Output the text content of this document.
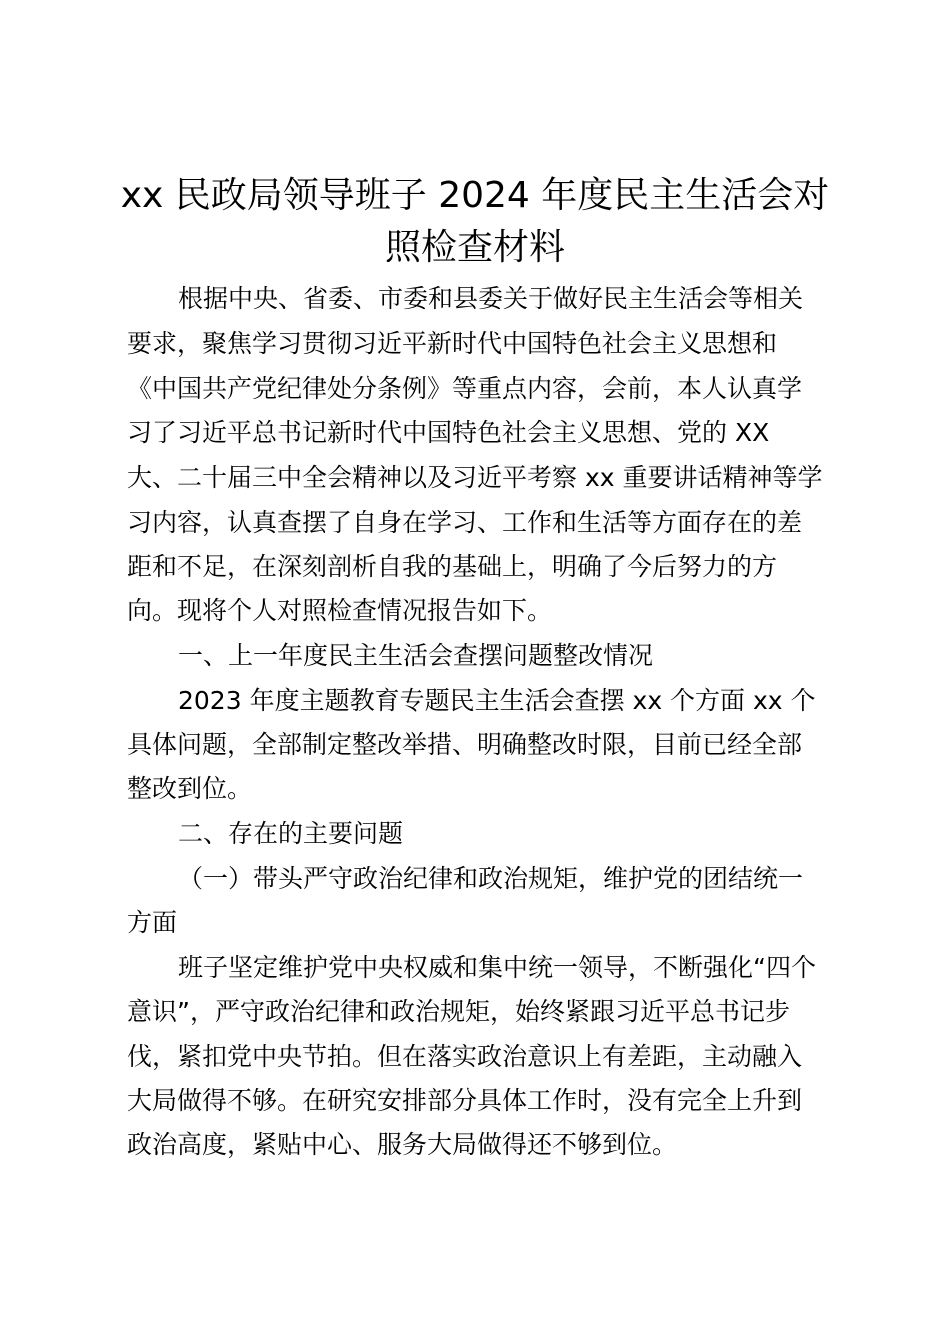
xx 民政局领导班子 2024 年度民主生活会对
照检查材料
根据中央、省委、市委和县委关于做好民主生活会等相关
要求，聚焦学习贯彻习近平新时代中国特色社会主义思想和
《中国共产党纪律处分条例》等重点内容，会前，本人认真学
习了习近平总书记新时代中国特色社会主义思想、党的 XX
大、二十届三中全会精神以及习近平考察 xx 重要讲话精神等学
习内容，认真查摆了自身在学习、工作和生活等方面存在的差
距和不足，在深刻剖析自我的基础上，明确了今后努力的方
向。现将个人对照检查情况报告如下。
一、上一年度民主生活会查摆问题整改情况
2023 年度主题教育专题民主生活会查摆 xx 个方面 xx 个
具体问题，全部制定整改举措、明确整改时限，目前已经全部
整改到位。
二、存在的主要问题
（一）带头严守政治纪律和政治规矩，维护党的团结统一
方面
班子坚定维护党中央权威和集中统一领导，不断强化“四个
意识”，严守政治纪律和政治规矩，始终紧跟习近平总书记步
伐，紧扣党中央节拍。但在落实政治意识上有差距，主动融入
大局做得不够。在研究安排部分具体工作时，没有完全上升到
政治高度，紧贴中心、服务大局做得还不够到位。
